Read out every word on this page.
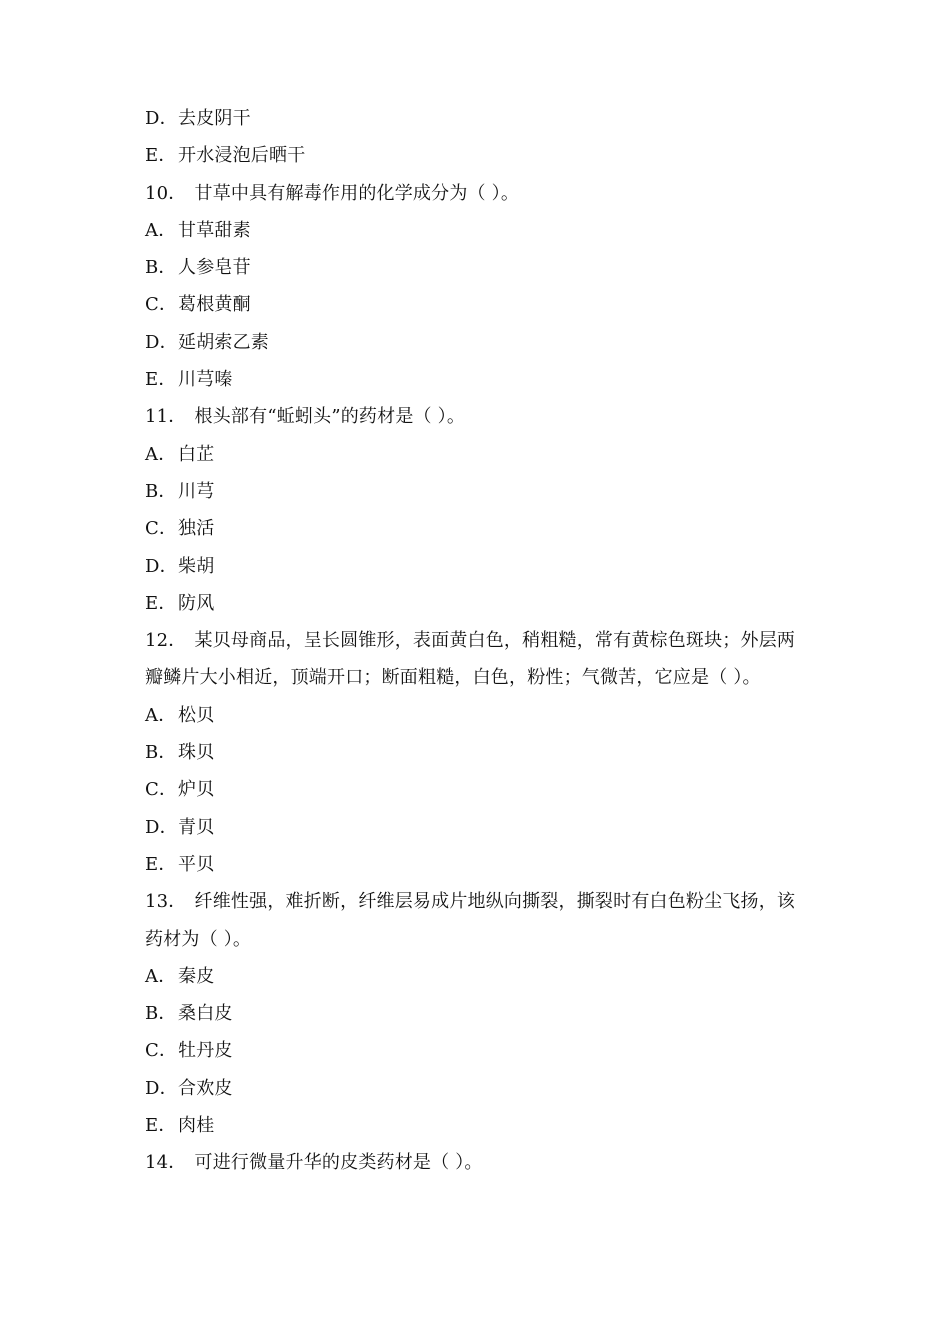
D．去皮阴干
E．开水浸泡后晒干
10． 甘草中具有解毒作用的化学成分为（ ）。
A．甘草甜素
B．人参皂苷
C．葛根黄酮
D．延胡索乙素
E．川芎嗪
11． 根头部有“蚯蚓头”的药材是（ ）。
A．白芷
B．川芎
C．独活
D．柴胡
E．防风
12． 某贝母商品，呈长圆锥形，表面黄白色，稍粗糙，常有黄棕色斑块；外层两
瓣鳞片大小相近，顶端开口；断面粗糙，白色，粉性；气微苦，它应是（ ）。
A．松贝
B．珠贝
C．炉贝
D．青贝
E．平贝
13． 纤维性强，难折断，纤维层易成片地纵向撕裂，撕裂时有白色粉尘飞扬，该
药材为（ ）。
A．秦皮
B．桑白皮
C．牡丹皮
D．合欢皮
E．肉桂
14． 可进行微量升华的皮类药材是（ ）。
